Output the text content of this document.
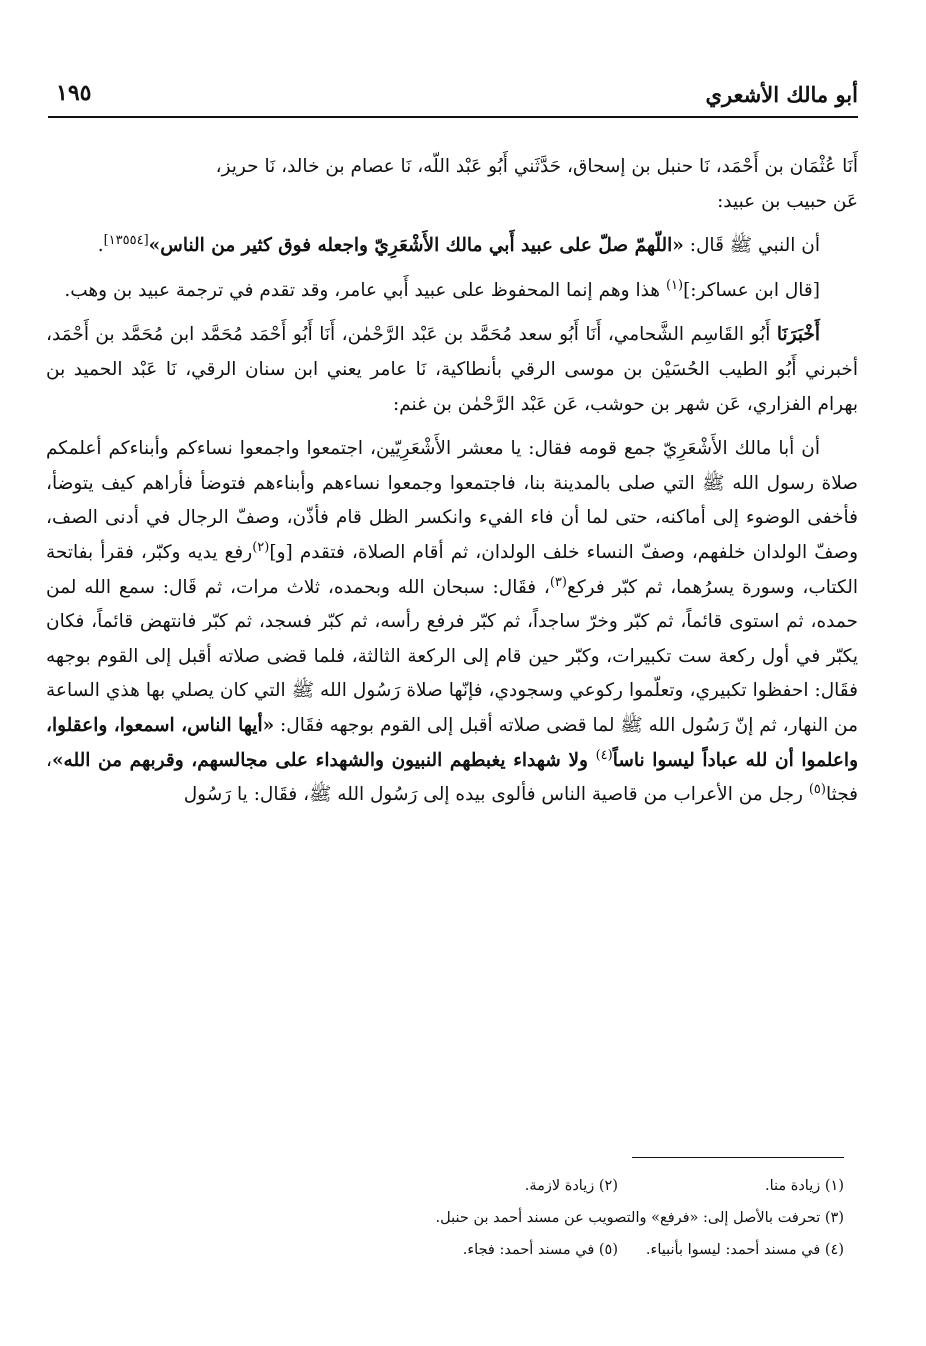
أبو مالك الأشعري
١٩٥

أَنَا عُثْمَان بن أَحْمَد، نَا حنبل بن إسحاق، حَدَّثَني أَبُو عَبْد اللّه، نَا عصام بن خالد، نَا حريز،

عَن حبيب بن عبيد:

أن النبي ﷺ قَال: «اللّهمّ صلّ على عبيد أَبي مالك الأَشْعَرِيّ واجعله فوق كثير من الناس»[١٣٥٥٤].

[قال ابن عساكر:]$^{(١)}$ هذا وهم إنما المحفوظ على عبيد أَبي عامر، وقد تقدم في ترجمة عبيد بن وهب.

أَخْبَرَنَا أَبُو القَاسِم الشَّحامي، أَنَا أَبُو سعد مُحَمَّد بن عَبْد الرَّحْمٰن، أَنَا أَبُو أَحْمَد مُحَمَّد ابن مُحَمَّد بن أَحْمَد، أخبرني أَبُو الطيب الحُسَيْن بن موسى الرقي بأنطاكية، نَا عامر يعني ابن سنان الرقي، نَا عَبْد الحميد بن بهرام الفزاري، عَن شهر بن حوشب، عَن عَبْد الرَّحْمٰن بن غنم:

أن أبا مالك الأَشْعَرِيّ جمع قومه فقال: يا معشر الأَشْعَرِيّين، اجتمعوا واجمعوا نساءكم وأبناءكم أعلمكم صلاة رسول الله ﷺ التي صلى بالمدينة بنا، فاجتمعوا وجمعوا نساءهم وأبناءهم فتوضأ فأراهم كيف يتوضأ، فأخفى الوضوء إلى أماكنه، حتى لما أن فاء الفيء وانكسر الظل قام فأذّن، وصفّ الرجال في أدنى الصف، وصفّ الولدان خلفهم، وصفّ النساء خلف الولدان، ثم أقام الصلاة، فتقدم [و]$^{(٢)}$رفع يديه وكبّر، فقرأ بفاتحة الكتاب، وسورة يسرُهما، ثم كبّر فركع$^{(٣)}$، فقَال: سبحان الله وبحمده، ثلاث مرات، ثم قَال: سمع الله لمن حمده، ثم استوى قائماً، ثم كبّر وخرّ ساجداً، ثم كبّر فرفع رأسه، ثم كبّر فسجد، ثم كبّر فانتهض قائماً، فكان يكبّر في أول ركعة ست تكبيرات، وكبّر حين قام إلى الركعة الثالثة، فلما قضى صلاته أقبل إلى القوم بوجهه فقَال: احفظوا تكبيري، وتعلّموا ركوعي وسجودي، فإنّها صلاة رَسُول الله ﷺ التي كان يصلي بها هذي الساعة من النهار، ثم إنّ رَسُول الله ﷺ لما قضى صلاته أقبل إلى القوم بوجهه فقَال: «أيها الناس، اسمعوا، واعقلوا، واعلموا أن لله عباداً ليسوا ناساً$^{(٤)}$ ولا شهداء يغبطهم النبيون والشهداء على مجالسهم، وقربهم من الله»، فجثا$^{(٥)}$ رجل من الأعراب من قاصية الناس فألوى بيده إلى رَسُول الله ﷺ، فقَال: يا رَسُول

(١) زيادة منا.
(٢) زيادة لازمة.
(٣) تحرفت بالأصل إلى: «فرفع» والتصويب عن مسند أحمد بن حنبل.
(٤) في مسند أحمد: ليسوا بأنبياء.
(٥) في مسند أحمد: فجاء.
